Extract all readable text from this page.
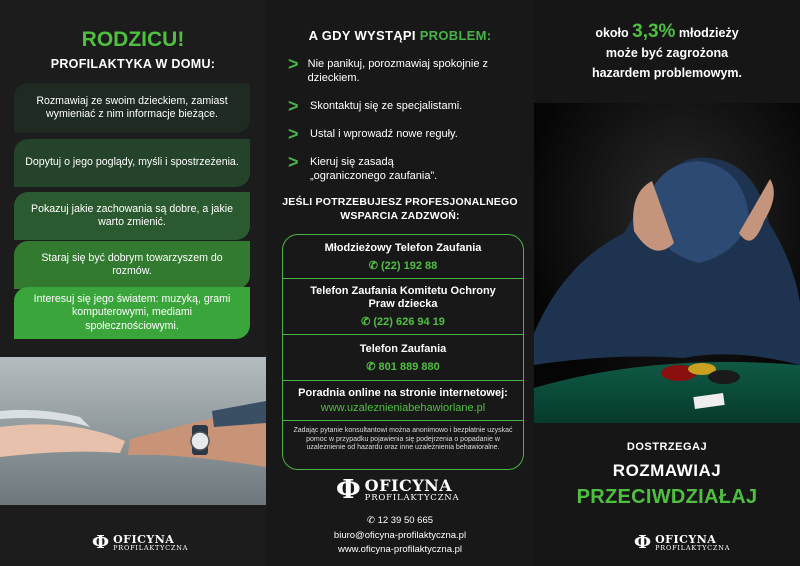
RODZICU!
PROFILAKTYKA W DOMU:
Rozmawiaj ze swoim dzieckiem, zamiast wymieniać z nim informacje bieżące.
Dopytuj o jego poglądy, myśli i spostrzeżenia.
Pokazuj jakie zachowania są dobre, a jakie warto zmienić.
Staraj się być dobrym towarzyszem do rozmów.
Interesuj się jego światem: muzyką, grami komputerowymi, mediami społecznościowymi.
Ф OFICYNA
PROFILAKTYCZNA
A GDY WYSTĄPI PROBLEM:
> Nie panikuj, porozmawiaj spokojnie z dzieckiem.
>	Skontaktuj się ze specjalistami.
>	Ustal i wprowadź nowe reguły.
>	Kieruj się zasadą „ograniczonego zaufania”.
JEŚLI POTRZEBUJESZ PROFESJONALNEGO
WSPARCIA ZADZWOŃ:
Młodzieżowy Telefon Zaufania
✆ (22) 192 88
Telefon Zaufania Komitetu Ochrony Praw dziecka
✆ (22) 626 94 19
Telefon Zaufania
✆ 801 889 880
Poradnia online na stronie internetowej:
www.uzaleznieniabehawiorlane.pl
Zadając pytanie konsultantowi można anonimowo i bezpłatnie uzyskać pomoc w przypadku pojawienia się podejrzenia o popadanie w uzależnienie od hazardu oraz inne uzależnienia behawioralne.
Ф OFICYNA
PROFILAKTYCZNA
✆ 12 39 50 665
biuro@oficyna-profilaktyczna.pl
www.oficyna-profilaktyczna.pl
około 3,3% młodzieży
może być zagrożona
hazardem problemowym.
DOSTRZEGAJ
ROZMAWIAJ
PRZECIWDZIAŁAJ
Ф OFICYNA
PROFILAKTYCZNA
